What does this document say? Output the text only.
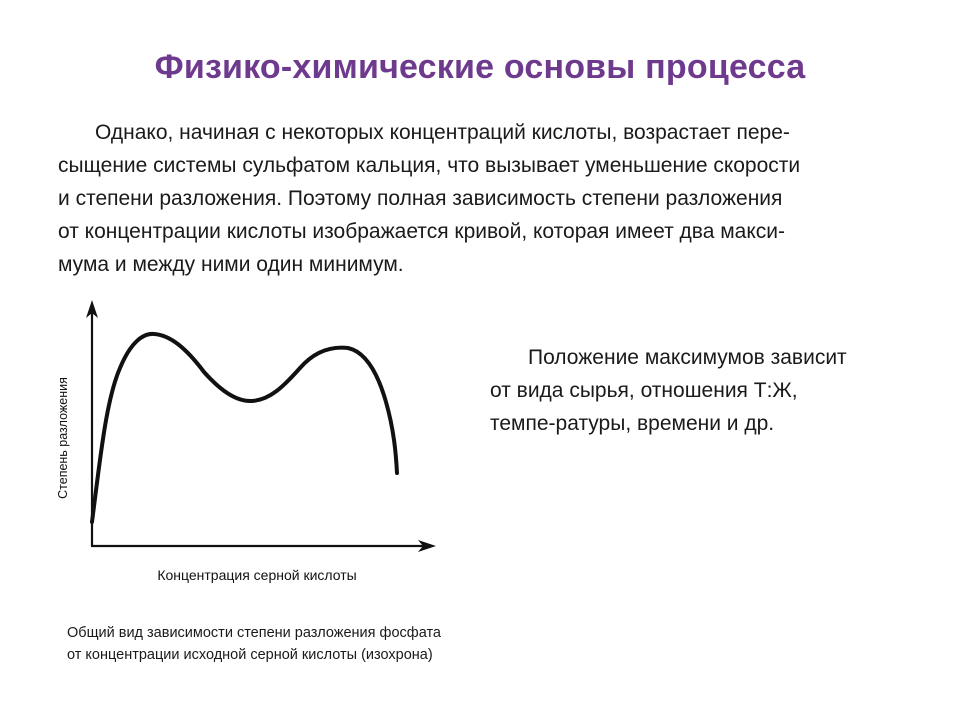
Физико-химические основы процесса

Однако, начиная с некоторых концентраций кислоты, возрастает пере-
сыщение системы сульфатом кальция, что вызывает уменьшение скорости
и степени разложения. Поэтому полная зависимость степени разложения
от концентрации кислоты изображается кривой, которая имеет два макси-
мума и между ними один минимум.

Степень разложения
Концентрация серной кислоты

Положение максимумов зависит
от вида сырья, отношения Т:Ж,
темпе-ратуры, времени и др.

Общий вид зависимости степени разложения фосфата
от концентрации исходной серной кислоты (изохрона)
